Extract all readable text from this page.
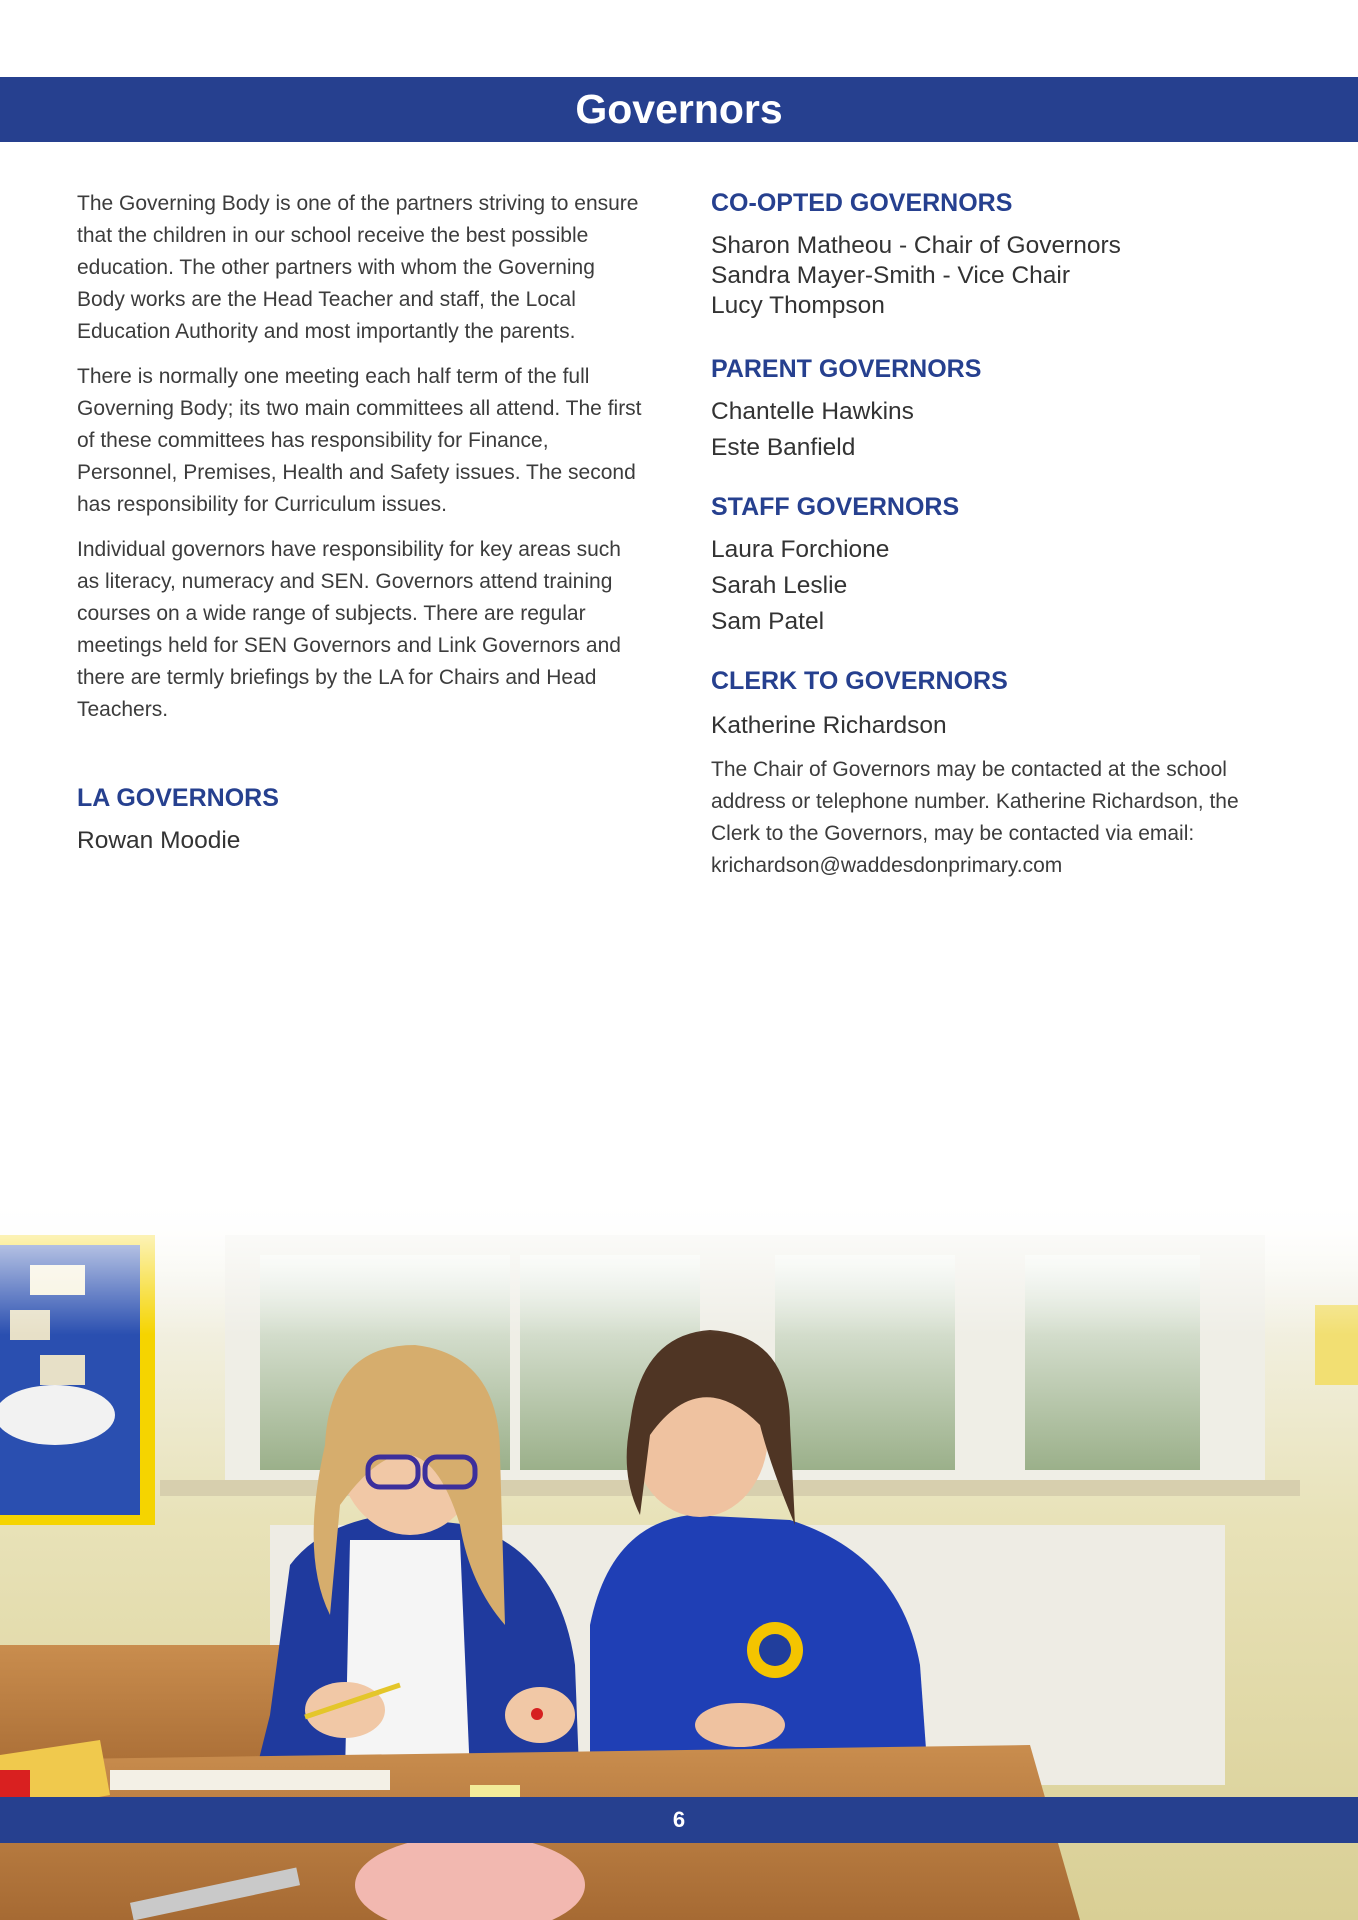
Governors

The Governing Body is one of the partners striving to ensure that the children in our school receive the best possible education. The other partners with whom the Governing Body works are the Head Teacher and staff, the Local Education Authority and most importantly the parents.

There is normally one meeting each half term of the full Governing Body; its two main committees all attend. The first of these committees has responsibility for Finance, Personnel, Premises, Health and Safety issues. The second has responsibility for Curriculum issues.

Individual governors have responsibility for key areas such as literacy, numeracy and SEN. Governors attend training courses on a wide range of subjects. There are regular meetings held for SEN Governors and Link Governors and there are termly briefings by the LA for Chairs and Head Teachers.

LA GOVERNORS
Rowan Moodie
CO-OPTED GOVERNORS
Sharon Matheou - Chair of Governors
Sandra Mayer-Smith - Vice Chair
Lucy Thompson
PARENT GOVERNORS
Chantelle Hawkins
Este Banfield
STAFF GOVERNORS
Laura Forchione
Sarah Leslie
Sam Patel
CLERK TO GOVERNORS
Katherine Richardson

The Chair of Governors may be contacted at the school address or telephone number. Katherine Richardson, the Clerk to the Governors, may be contacted via email: krichardson@waddesdonprimary.com

6
